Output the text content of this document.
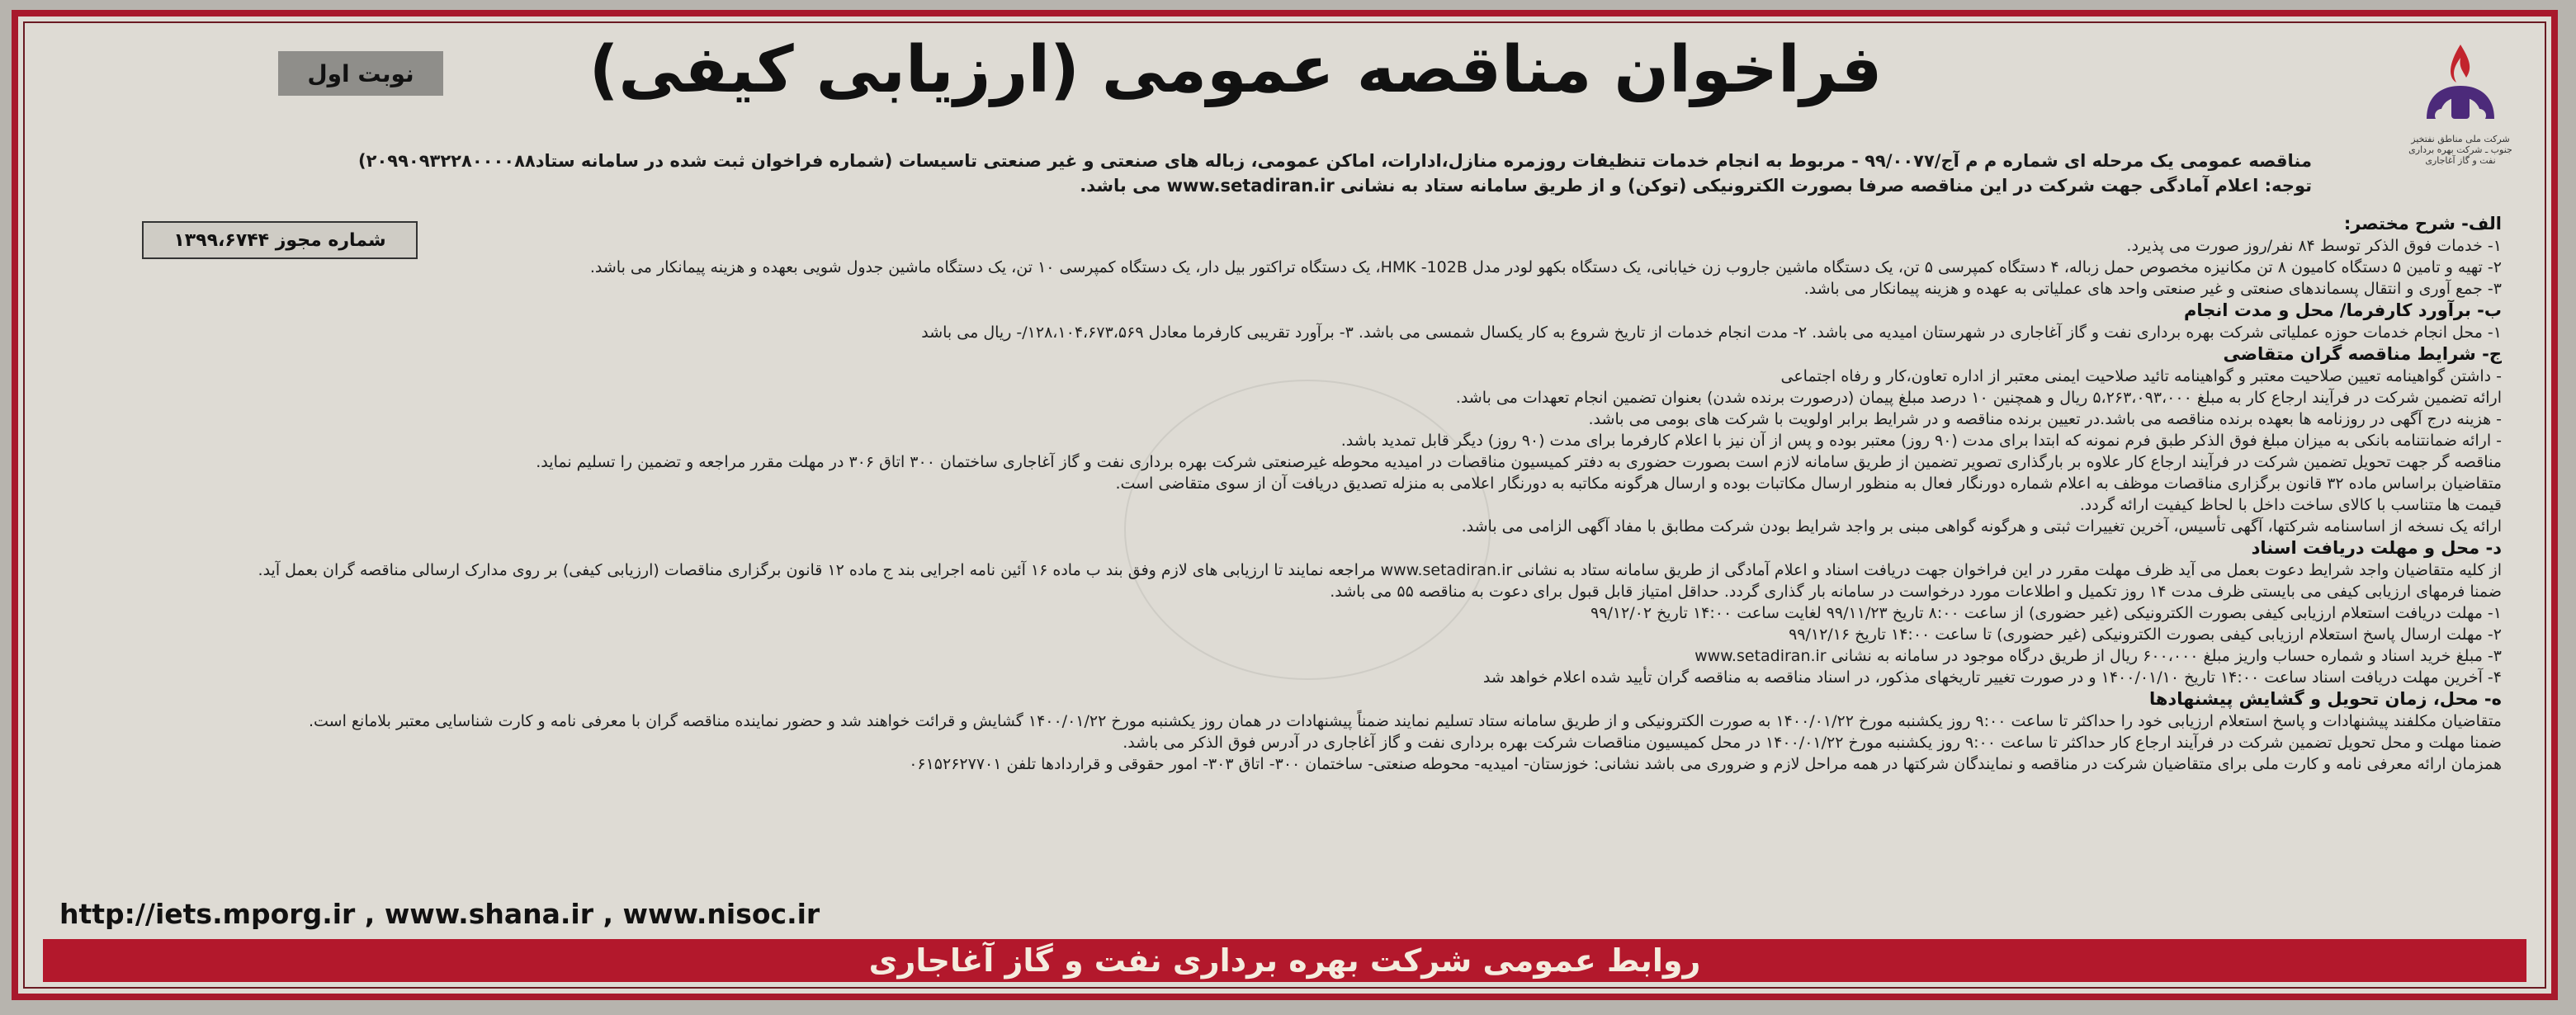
شرکت ملی مناطق نفتخیز جنوب ـ شرکت بهره برداری نفت و گاز آغاجاری
نوبت اول
شماره مجوز ۱۳۹۹،۶۷۴۴
فراخوان مناقصه عمومی (ارزیابی کیفی)
مناقصه عمومی یک مرحله ای شماره م م آج/۹۹/۰۰۷۷ - مربوط به انجام خدمات تنظیفات روزمره منازل،ادارات، اماکن عمومی، زباله های صنعتی و غیر صنعتی تاسیسات (شماره فراخوان ثبت شده در سامانه ستاد۲۰۹۹۰۹۳۲۲۸۰۰۰۰۸۸)
توجه: اعلام آمادگی جهت شرکت در این مناقصه صرفا بصورت الکترونیکی (توکن) و از طریق سامانه ستاد به نشانی www.setadiran.ir می باشد.
الف- شرح مختصر:
۱- خدمات فوق الذکر توسط ۸۴ نفر/روز صورت می پذیرد.
۲- تهیه و تامین ۵ دستگاه کامیون ۸ تن مکانیزه مخصوص حمل زباله، ۴ دستگاه کمپرسی ۵ تن، یک دستگاه ماشین جاروب زن خیابانی، یک دستگاه بکهو لودر مدل HMK -102B، یک دستگاه تراکتور بیل دار، یک دستگاه کمپرسی ۱۰ تن، یک دستگاه ماشین جدول شویی بعهده و هزینه پیمانکار می باشد.
۳- جمع آوری و انتقال پسماندهای صنعتی و غیر صنعتی واحد های عملیاتی به عهده و هزینه پیمانکار می باشد.
ب- برآورد کارفرما/ محل و مدت انجام
۱- محل انجام خدمات حوزه عملیاتی شرکت بهره برداری نفت و گاز آغاجاری در شهرستان امیدیه می باشد. ۲- مدت انجام خدمات از تاریخ شروع به کار یکسال شمسی می باشد. ۳- برآورد تقریبی کارفرما معادل ۱۲۸،۱۰۴،۶۷۳،۵۶۹/- ریال می باشد
ج- شرایط مناقصه گران متقاضی
- داشتن گواهینامه تعیین صلاحیت معتبر و گواهینامه تائید صلاحیت ایمنی معتبر از اداره تعاون،کار و رفاه اجتماعی
ارائه تضمین شرکت در فرآیند ارجاع کار به مبلغ ۵،۲۶۳،۰۹۳،۰۰۰ ریال و همچنین ۱۰ درصد مبلغ پیمان (درصورت برنده شدن) بعنوان تضمین انجام تعهدات می باشد.
- هزینه درج آگهی در روزنامه ها بعهده برنده مناقصه می باشد.در تعیین برنده مناقصه و در شرایط برابر اولویت با شرکت های بومی می باشد.
- ارائه ضمانتنامه بانکی به میزان مبلغ فوق الذکر طبق فرم نمونه که ابتدا برای مدت (۹۰ روز) معتبر بوده و پس از آن نیز با اعلام کارفرما برای مدت (۹۰ روز) دیگر قابل تمدید باشد.
مناقصه گر جهت تحویل تضمین شرکت در فرآیند ارجاع کار علاوه بر بارگذاری تصویر تضمین از طریق سامانه لازم است بصورت حضوری به دفتر کمیسیون مناقصات در امیدیه محوطه غیرصنعتی شرکت بهره برداری نفت و گاز آغاجاری ساختمان ۳۰۰ اتاق ۳۰۶ در مهلت مقرر مراجعه و تضمین را تسلیم نماید.
متقاضیان براساس ماده ۳۲ قانون برگزاری مناقصات موظف به اعلام شماره دورنگار فعال به منظور ارسال مکاتبات بوده و ارسال هرگونه مکاتبه به دورنگار اعلامی به منزله تصدیق دریافت آن از سوی متقاضی است.
قیمت ها متناسب با کالای ساخت داخل با لحاظ کیفیت ارائه گردد.
ارائه یک نسخه از اساسنامه شرکتها، آگهی تأسیس، آخرین تغییرات ثبتی و هرگونه گواهی مبنی بر واجد شرایط بودن شرکت مطابق با مفاد آگهی الزامی می باشد.
د- محل و مهلت دریافت اسناد
از کلیه متقاضیان واجد شرایط دعوت بعمل می آید ظرف مهلت مقرر در این فراخوان جهت دریافت اسناد و اعلام آمادگی از طریق سامانه ستاد به نشانی www.setadiran.ir مراجعه نمایند تا ارزیابی های لازم وفق بند ب ماده ۱۶ آئین نامه اجرایی بند ج ماده ۱۲ قانون برگزاری مناقصات (ارزیابی کیفی) بر روی مدارک ارسالی مناقصه گران بعمل آید.
ضمنا فرمهای ارزیابی کیفی می بایستی ظرف مدت ۱۴ روز تکمیل و اطلاعات مورد درخواست در سامانه بار گذاری گردد. حداقل امتیاز قابل قبول برای دعوت به مناقصه ۵۵ می باشد.
۱- مهلت دریافت استعلام ارزیابی کیفی بصورت الکترونیکی (غیر حضوری) از ساعت ۸:۰۰ تاریخ ۹۹/۱۱/۲۳ لغایت ساعت ۱۴:۰۰ تاریخ ۹۹/۱۲/۰۲
۲- مهلت ارسال پاسخ استعلام ارزیابی کیفی بصورت الکترونیکی (غیر حضوری) تا ساعت ۱۴:۰۰ تاریخ ۹۹/۱۲/۱۶
۳- مبلغ خرید اسناد و شماره حساب واریز مبلغ ۶۰۰،۰۰۰ ریال از طریق درگاه موجود در سامانه به نشانی www.setadiran.ir
۴- آخرین مهلت دریافت اسناد ساعت ۱۴:۰۰ تاریخ ۱۴۰۰/۰۱/۱۰ و در صورت تغییر تاریخهای مذکور، در اسناد مناقصه به مناقصه گران تأیید شده اعلام خواهد شد
ه- محل، زمان تحویل و گشایش پیشنهادها
متقاضیان مکلفند پیشنهادات و پاسخ استعلام ارزیابی خود را حداکثر تا ساعت ۹:۰۰ روز یکشنبه مورخ ۱۴۰۰/۰۱/۲۲ به صورت الکترونیکی و از طریق سامانه ستاد تسلیم نمایند ضمناً پیشنهادات در همان روز یکشنبه مورخ ۱۴۰۰/۰۱/۲۲ گشایش و قرائت خواهند شد و حضور نماینده مناقصه گران با معرفی نامه و کارت شناسایی معتبر بلامانع است.
ضمنا مهلت و محل تحویل تضمین شرکت در فرآیند ارجاع کار حداکثر تا ساعت ۹:۰۰ روز یکشنبه مورخ ۱۴۰۰/۰۱/۲۲ در محل کمیسیون مناقصات شرکت بهره برداری نفت و گاز آغاجاری در آدرس فوق الذکر می باشد.
همزمان ارائه معرفی نامه و کارت ملی برای متقاضیان شرکت در مناقصه و نمایندگان شرکتها در همه مراحل لازم و ضروری می باشد نشانی: خوزستان- امیدیه- محوطه صنعتی- ساختمان ۳۰۰- اتاق ۳۰۳- امور حقوقی و قراردادها تلفن ۰۶۱۵۲۶۲۷۷۰۱
http://iets.mporg.ir , www.shana.ir , www.nisoc.ir
روابط عمومی شرکت بهره برداری نفت و گاز آغاجاری
